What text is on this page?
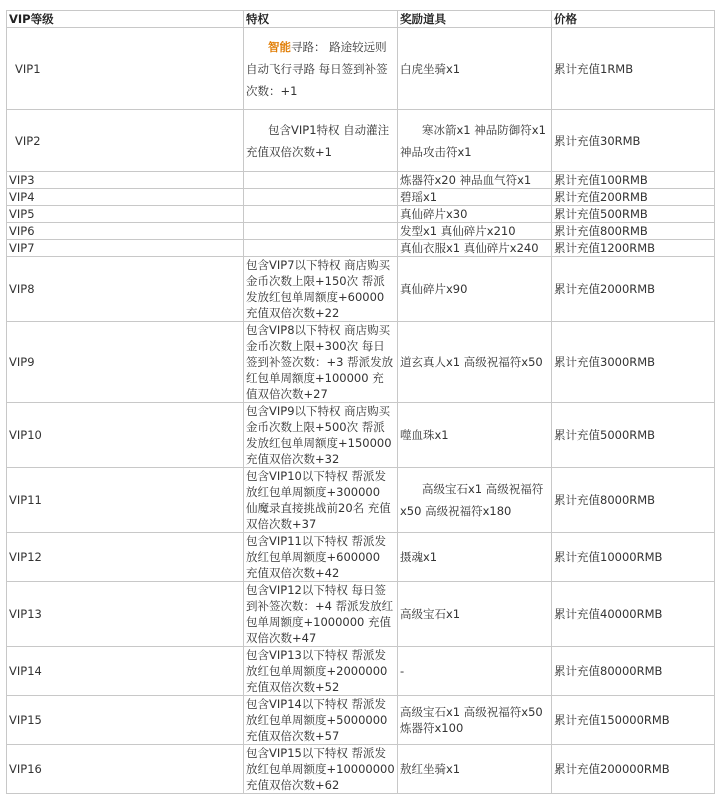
VIP等级	特权	奖励道具	价格
VIP1	智能寻路： 路途较远则自动飞行寻路 每日签到补签次数：+1	白虎坐骑x1	累计充值1RMB
VIP2	包含VIP1特权 自动灌注充值双倍次数+1	寒冰箭x1 神品防御符x1神品攻击符x1	累计充值30RMB
VIP3		炼器符x20 神品血气符x1	累计充值100RMB
VIP4		碧瑶x1	累计充值200RMB
VIP5		真仙碎片x30	累计充值500RMB
VIP6		发型x1 真仙碎片x210	累计充值800RMB
VIP7		真仙衣服x1 真仙碎片x240	累计充值1200RMB
VIP8	包含VIP7以下特权 商店购买金币次数上限+150次 帮派发放红包单周额度+60000 充值双倍次数+22	真仙碎片x90	累计充值2000RMB
VIP9	包含VIP8以下特权 商店购买金币次数上限+300次 每日签到补签次数：+3 帮派发放红包单周额度+100000 充值双倍次数+27	道玄真人x1 高级祝福符x50	累计充值3000RMB
VIP10	包含VIP9以下特权 商店购买金币次数上限+500次 帮派发放红包单周额度+150000 充值双倍次数+32	噬血珠x1	累计充值5000RMB
VIP11	包含VIP10以下特权 帮派发放红包单周额度+300000 仙魔录直接挑战前20名 充值双倍次数+37	高级宝石x1 高级祝福符x50 高级祝福符x180	累计充值8000RMB
VIP12	包含VIP11以下特权 帮派发放红包单周额度+600000 充值双倍次数+42	摄魂x1	累计充值10000RMB
VIP13	包含VIP12以下特权 每日签到补签次数：+4 帮派发放红包单周额度+1000000 充值双倍次数+47	高级宝石x1	累计充值40000RMB
VIP14	包含VIP13以下特权 帮派发放红包单周额度+2000000 充值双倍次数+52	-	累计充值80000RMB
VIP15	包含VIP14以下特权 帮派发放红包单周额度+5000000 充值双倍次数+57	高级宝石x1 高级祝福符x50 炼器符x100	累计充值150000RMB
VIP16	包含VIP15以下特权 帮派发放红包单周额度+10000000 充值双倍次数+62	敖红坐骑x1	累计充值200000RMB
